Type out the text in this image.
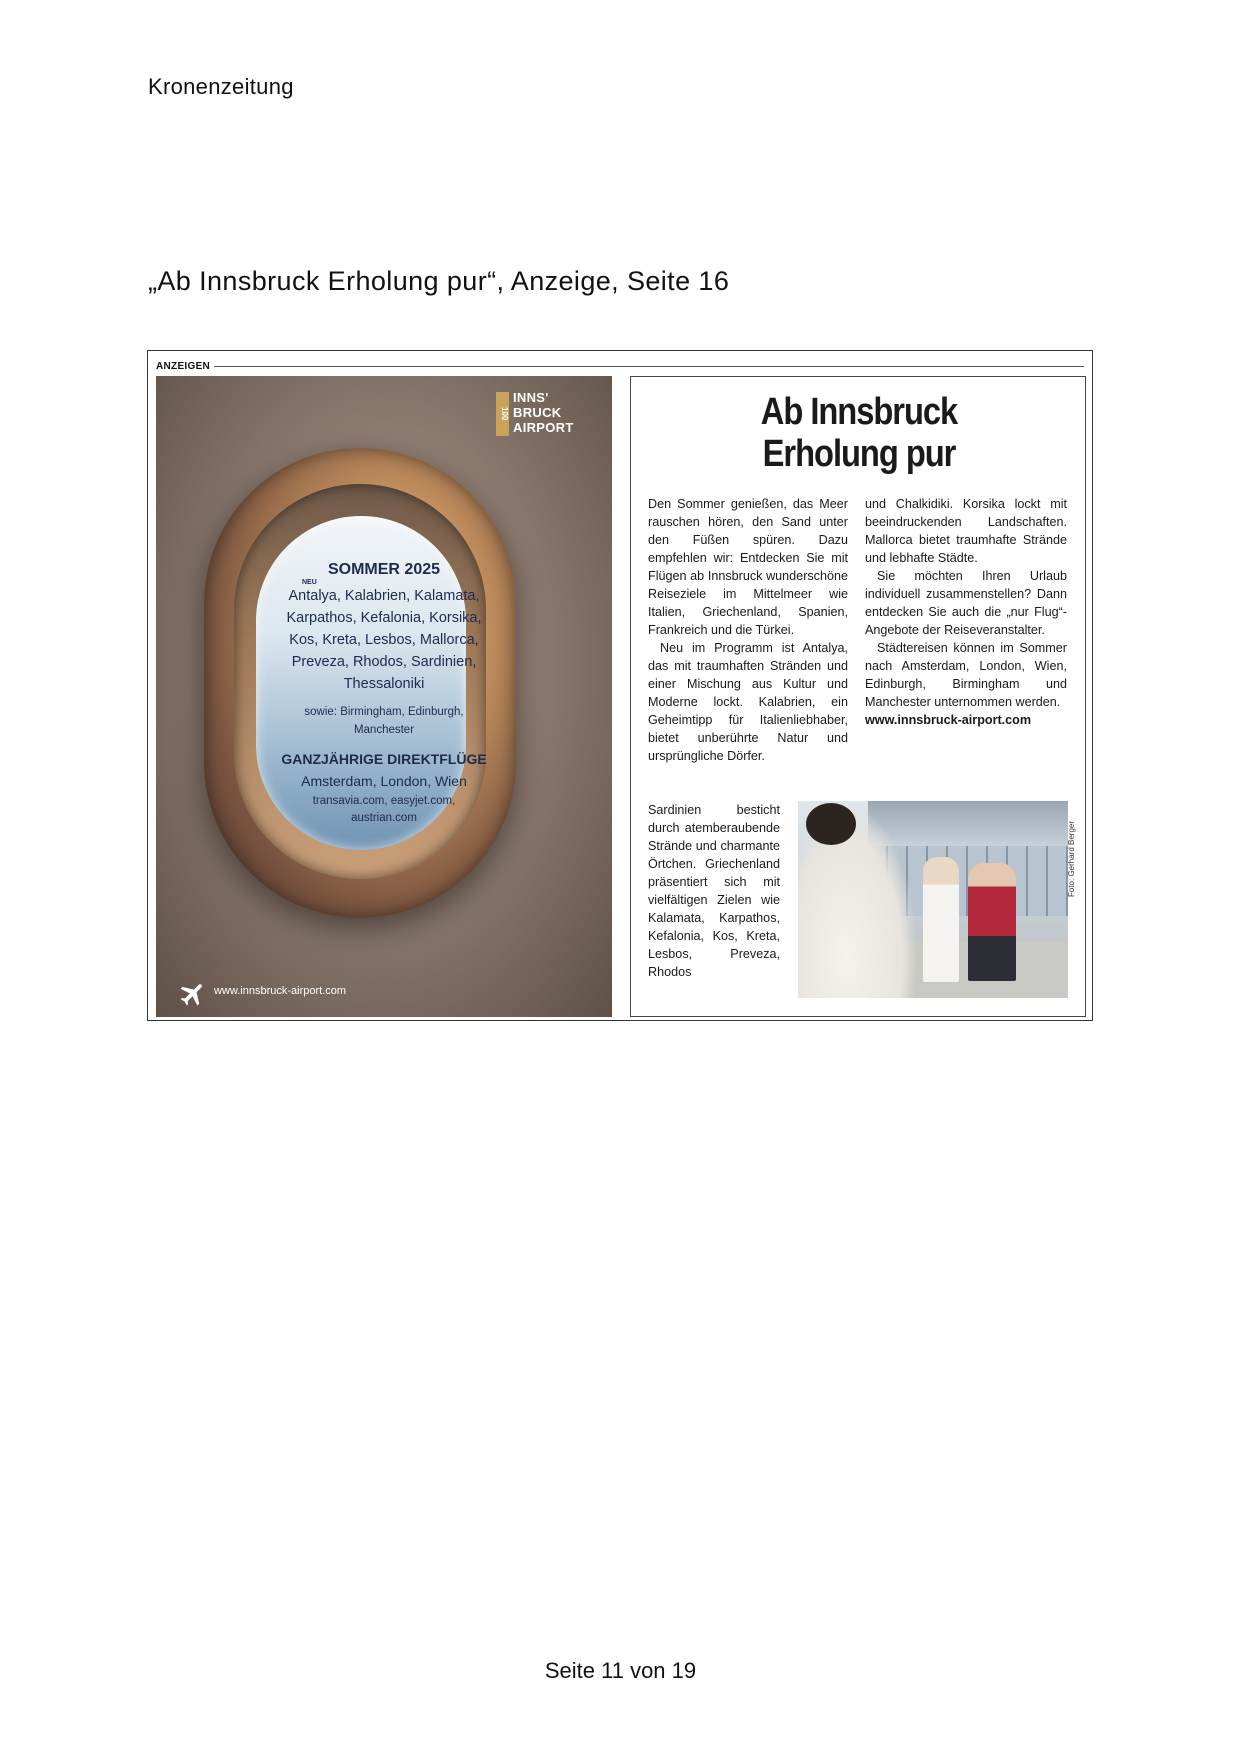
Kronenzeitung
„Ab Innsbruck Erholung pur“, Anzeige, Seite 16
ANZEIGEN
100
INNS'
BRUCK
AIRPORT
SOMMER 2025
NEU
Antalya, Kalabrien, Kalamata, Karpathos, Kefalonia, Korsika, Kos, Kreta, Lesbos, Mallorca, Preveza, Rhodos, Sardinien, Thessaloniki
sowie: Birmingham, Edinburgh, Manchester
GANZJÄHRIGE DIREKTFLÜGE
Amsterdam, London, Wien
transavia.com, easyjet.com, austrian.com
www.innsbruck-airport.com
Ab Innsbruck
Erholung pur

Den Sommer genießen, das Meer rauschen hören, den Sand unter den Füßen spüren. Dazu empfehlen wir: Entdecken Sie mit Flügen ab Innsbruck wunderschöne Reiseziele im Mittelmeer wie Italien, Griechenland, Spanien, Frankreich und die Türkei.

Neu im Programm ist Antalya, das mit traumhaften Stränden und einer Mischung aus Kultur und Moderne lockt. Kalabrien, ein Geheimtipp für Italienliebhaber, bietet unberührte Natur und ursprüngliche Dörfer.

Sardinien besticht durch atemberaubende Strände und charmante Örtchen. Griechenland präsentiert sich mit vielfältigen Zielen wie Kalamata, Karpathos, Kefalonia, Kos, Kreta, Lesbos, Preveza, Rhodos

und Chalkidiki. Korsika lockt mit beeindruckenden Landschaften. Mallorca bietet traumhafte Strände und lebhafte Städte.

Sie möchten Ihren Urlaub individuell zusammenstellen? Dann entdecken Sie auch die „nur Flug“-Angebote der Reiseveranstalter.

Städtereisen können im Sommer nach Amsterdam, London, Wien, Edinburgh, Birmingham und Manchester unternommen werden.

www.innsbruck-airport.com

Foto: Gerhard Berger
Seite 11 von 19
